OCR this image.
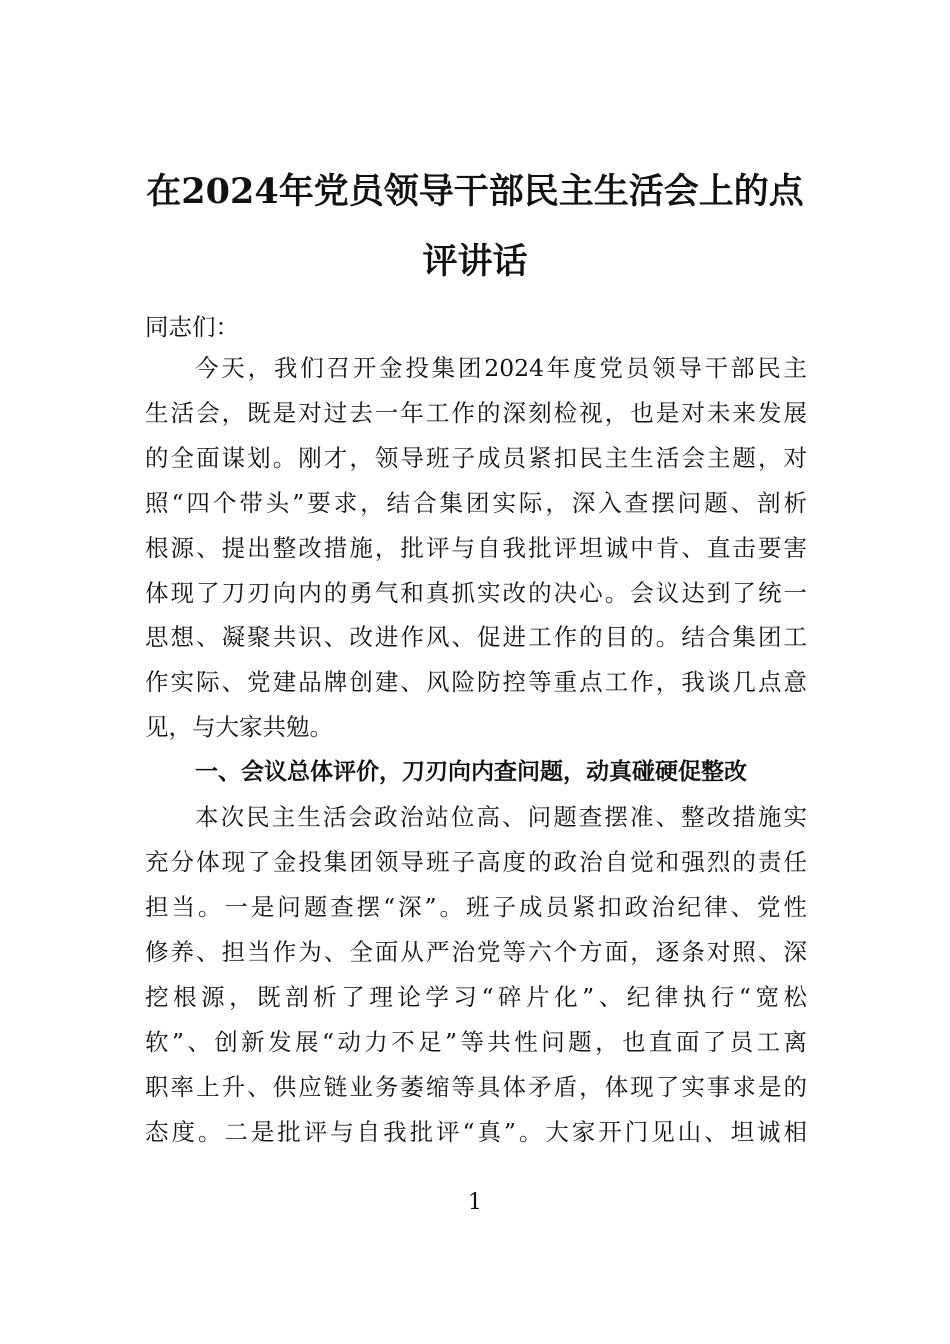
在2024年党员领导干部民主生活会上的点
评讲话
同志们：
今天，我们召开金投集团2024年度党员领导干部民主
生活会，既是对过去一年工作的深刻检视，也是对未来发展
的全面谋划。刚才，领导班子成员紧扣民主生活会主题，对
照“四个带头”要求，结合集团实际，深入查摆问题、剖析
根源、提出整改措施，批评与自我批评坦诚中肯、直击要害
体现了刀刃向内的勇气和真抓实改的决心。会议达到了统一
思想、凝聚共识、改进作风、促进工作的目的。结合集团工
作实际、党建品牌创建、风险防控等重点工作，我谈几点意
见，与大家共勉。
一、会议总体评价，刀刃向内查问题，动真碰硬促整改
本次民主生活会政治站位高、问题查摆准、整改措施实
充分体现了金投集团领导班子高度的政治自觉和强烈的责任
担当。一是问题查摆“深”。班子成员紧扣政治纪律、党性
修养、担当作为、全面从严治党等六个方面，逐条对照、深
挖根源，既剖析了理论学习“碎片化”、纪律执行“宽松
软”、创新发展“动力不足”等共性问题，也直面了员工离
职率上升、供应链业务萎缩等具体矛盾，体现了实事求是的
态度。二是批评与自我批评“真”。大家开门见山、坦诚相
1
